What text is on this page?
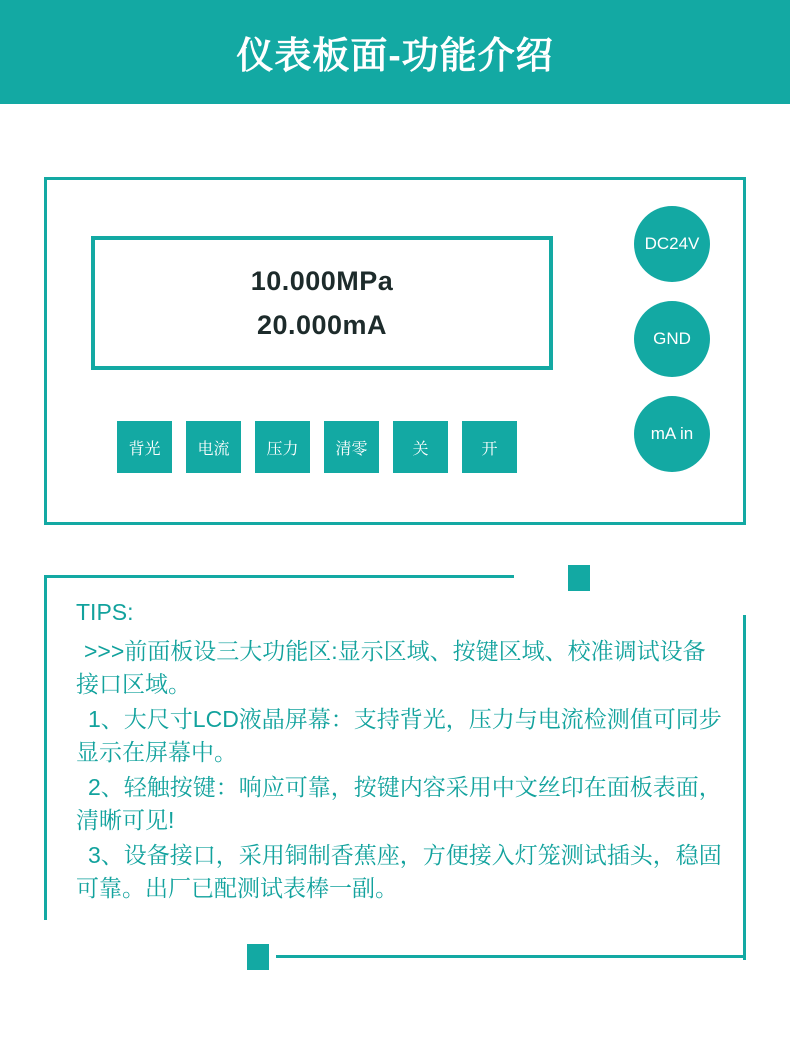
仪表板面-功能介绍
10.000MPa
20.000mA
背光	电流	压力	清零	关	开
DC24V
GND
mA in
TIPS:

>>>前面板设三大功能区:显示区域、按键区域、校准调试设备接口区域。

1、大尺寸LCD液晶屏幕：支持背光，压力与电流检测值可同步显示在屏幕中。

2、轻触按键：响应可靠，按键内容采用中文丝印在面板表面，清晰可见!

3、设备接口，采用铜制香蕉座，方便接入灯笼测试插头，稳固可靠。出厂已配测试表棒一副。
